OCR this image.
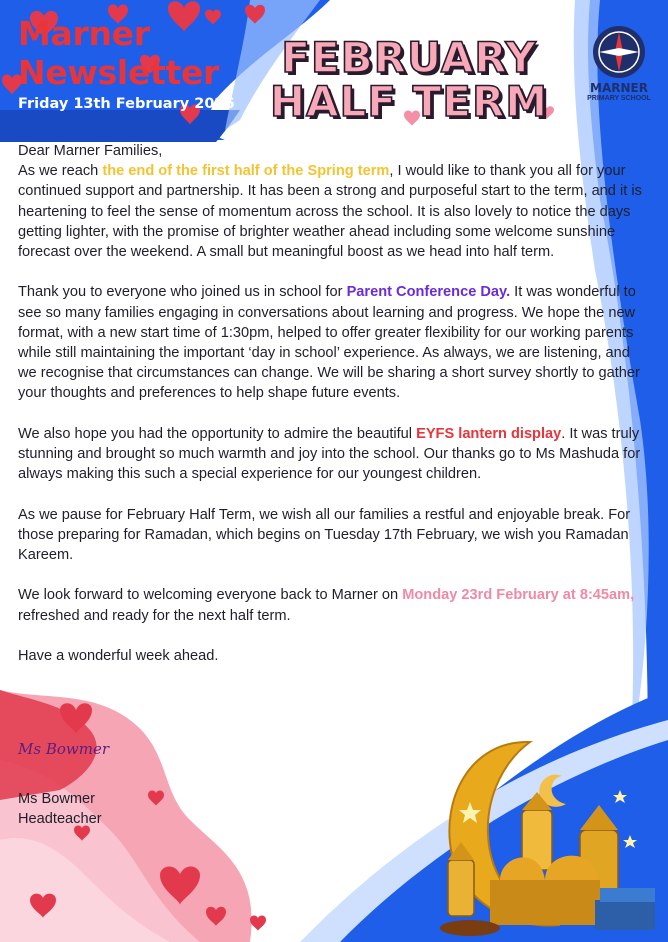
Marner
Newsletter
Friday 13th February 2026
FEBRUARY
HALF TERM	MARNER
PRIMARY SCHOOL
Dear Marner Families,

As we reach the end of the first half of the Spring term, I would like to thank you all for your continued support and partnership. It has been a strong and purposeful start to the term, and it is heartening to feel the sense of momentum across the school. It is also lovely to notice the days getting lighter, with the promise of brighter weather ahead including some welcome sunshine forecast over the weekend. A small but meaningful boost as we head into half term.

Thank you to everyone who joined us in school for Parent Conference Day. It was wonderful to see so many families engaging in conversations about learning and progress. We hope the new format, with a new start time of 1:30pm, helped to offer greater flexibility for our working parents while still maintaining the important ‘day in school’ experience. As always, we are listening, and we recognise that circumstances can change. We will be sharing a short survey shortly to gather your thoughts and preferences to help shape future events.

We also hope you had the opportunity to admire the beautiful EYFS lantern display. It was truly stunning and brought so much warmth and joy into the school. Our thanks go to Ms Mashuda for always making this such a special experience for our youngest children.

As we pause for February Half Term, we wish all our families a restful and enjoyable break. For those preparing for Ramadan, which begins on Tuesday 17th February, we wish you Ramadan Kareem.

We look forward to welcoming everyone back to Marner on Monday 23rd February at 8:45am, refreshed and ready for the next half term.

Have a wonderful week ahead.

Ms Bowmer
Ms Bowmer
Headteacher
